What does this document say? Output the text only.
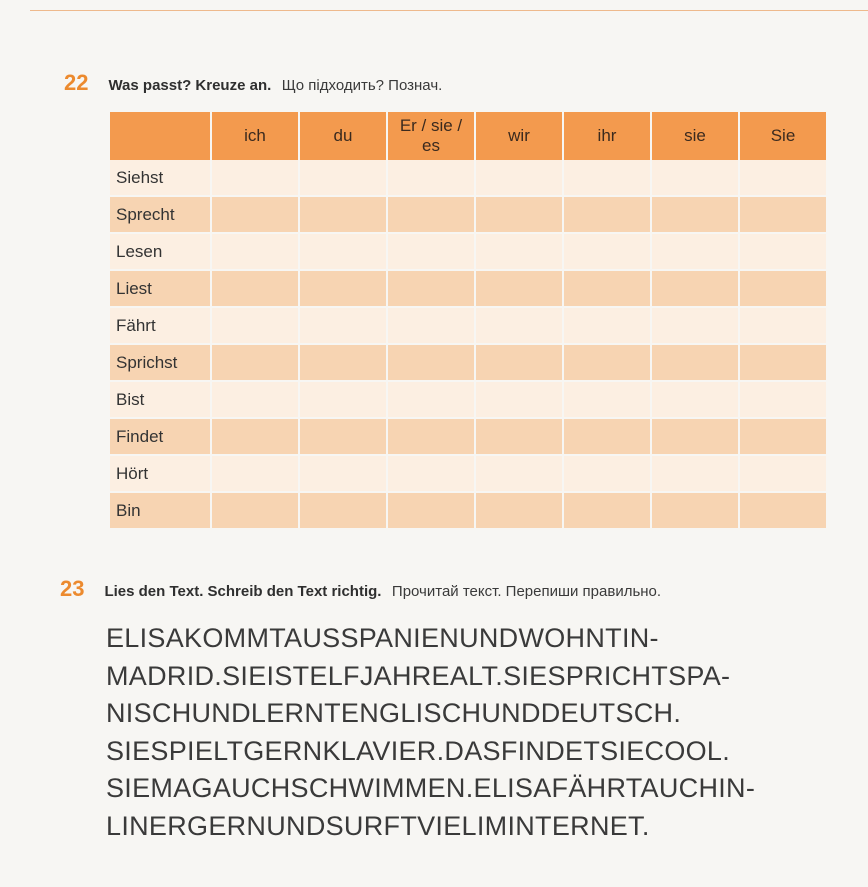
22 Was passt? Kreuze an. Що підходить? Познач.
	ich	du	Er / sie / es	wir	ihr	sie	Sie
Siehst							
Sprecht							
Lesen							
Liest							
Fährt							
Sprichst							
Bist							
Findet							
Hört							
Bin							
23 Lies den Text. Schreib den Text richtig. Прочитай текст. Перепиши правильно.
ELISAKOMMTAUSSPANIENUNDWOHNTIN-
MADRID.SIEISTELFJAHREALT.SIESPRICHTSPA-
NISCHUNDLERNTENGLISCHUNDDEUTSCH.
SIESPIELTGERNKLAVIER.DASFINDETSIECOOL.
SIEMAGAUCHSCHWIMMEN.ELISAFÄHRTAUCHIN-
LINERGERNUNDSURFTVIELIMINTERNET.
